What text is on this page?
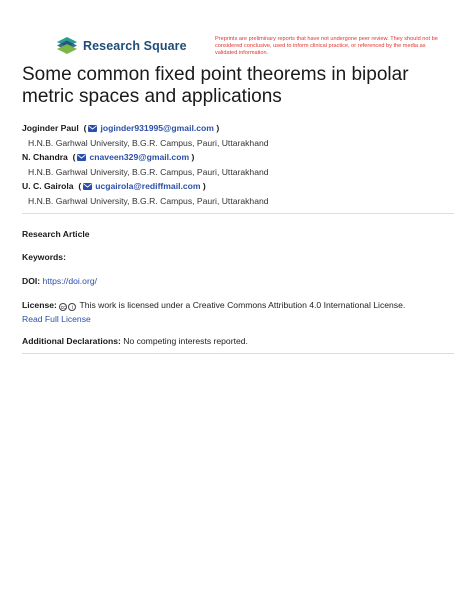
Research Square	Preprints are preliminary reports that have not undergone peer review. They should not be considered conclusive, used to inform clinical practice, or referenced by the media as validated information.
Some common fixed point theorems in bipolar metric spaces and applications
Joginder Paul ( joginder931995@gmail.com )
H.N.B. Garhwal University, B.G.R. Campus, Pauri, Uttarakhand
N. Chandra ( cnaveen329@gmail.com )
H.N.B. Garhwal University, B.G.R. Campus, Pauri, Uttarakhand
U. C. Gairola ( ucgairola@rediffmail.com )
H.N.B. Garhwal University, B.G.R. Campus, Pauri, Uttarakhand
Research Article
Keywords:
DOI: https://doi.org/
License: cc i This work is licensed under a Creative Commons Attribution 4.0 International License.
Read Full License
Additional Declarations: No competing interests reported.
